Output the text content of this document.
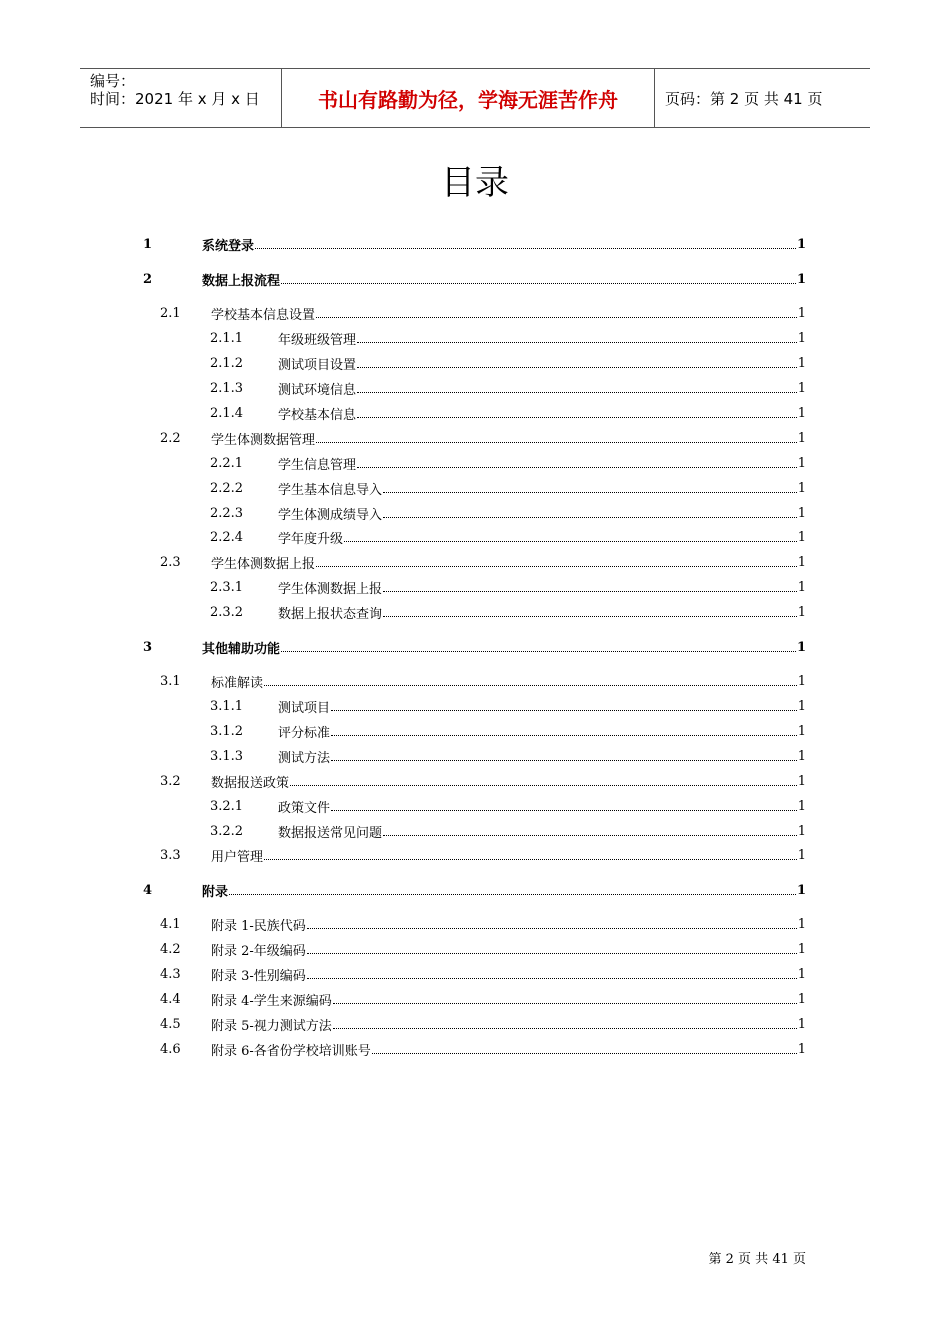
编号：
时间：2021 年 x 月 x 日	书山有路勤为径，学海无涯苦作舟	页码：第 2 页 共 41 页
目录
1	系统登录	1
2	数据上报流程	1
2.1	学校基本信息设置	1
2.1.1	年级班级管理	1
2.1.2	测试项目设置	1
2.1.3	测试环境信息	1
2.1.4	学校基本信息	1
2.2	学生体测数据管理	1
2.2.1	学生信息管理	1
2.2.2	学生基本信息导入	1
2.2.3	学生体测成绩导入	1
2.2.4	学年度升级	1
2.3	学生体测数据上报	1
2.3.1	学生体测数据上报	1
2.3.2	数据上报状态查询	1
3	其他辅助功能	1
3.1	标准解读	1
3.1.1	测试项目	1
3.1.2	评分标准	1
3.1.3	测试方法	1
3.2	数据报送政策	1
3.2.1	政策文件	1
3.2.2	数据报送常见问题	1
3.3	用户管理	1
4	附录	1
4.1	附录 1-民族代码	1
4.2	附录 2-年级编码	1
4.3	附录 3-性别编码	1
4.4	附录 4-学生来源编码	1
4.5	附录 5-视力测试方法	1
4.6	附录 6-各省份学校培训账号	1
第 2 页 共 41 页
